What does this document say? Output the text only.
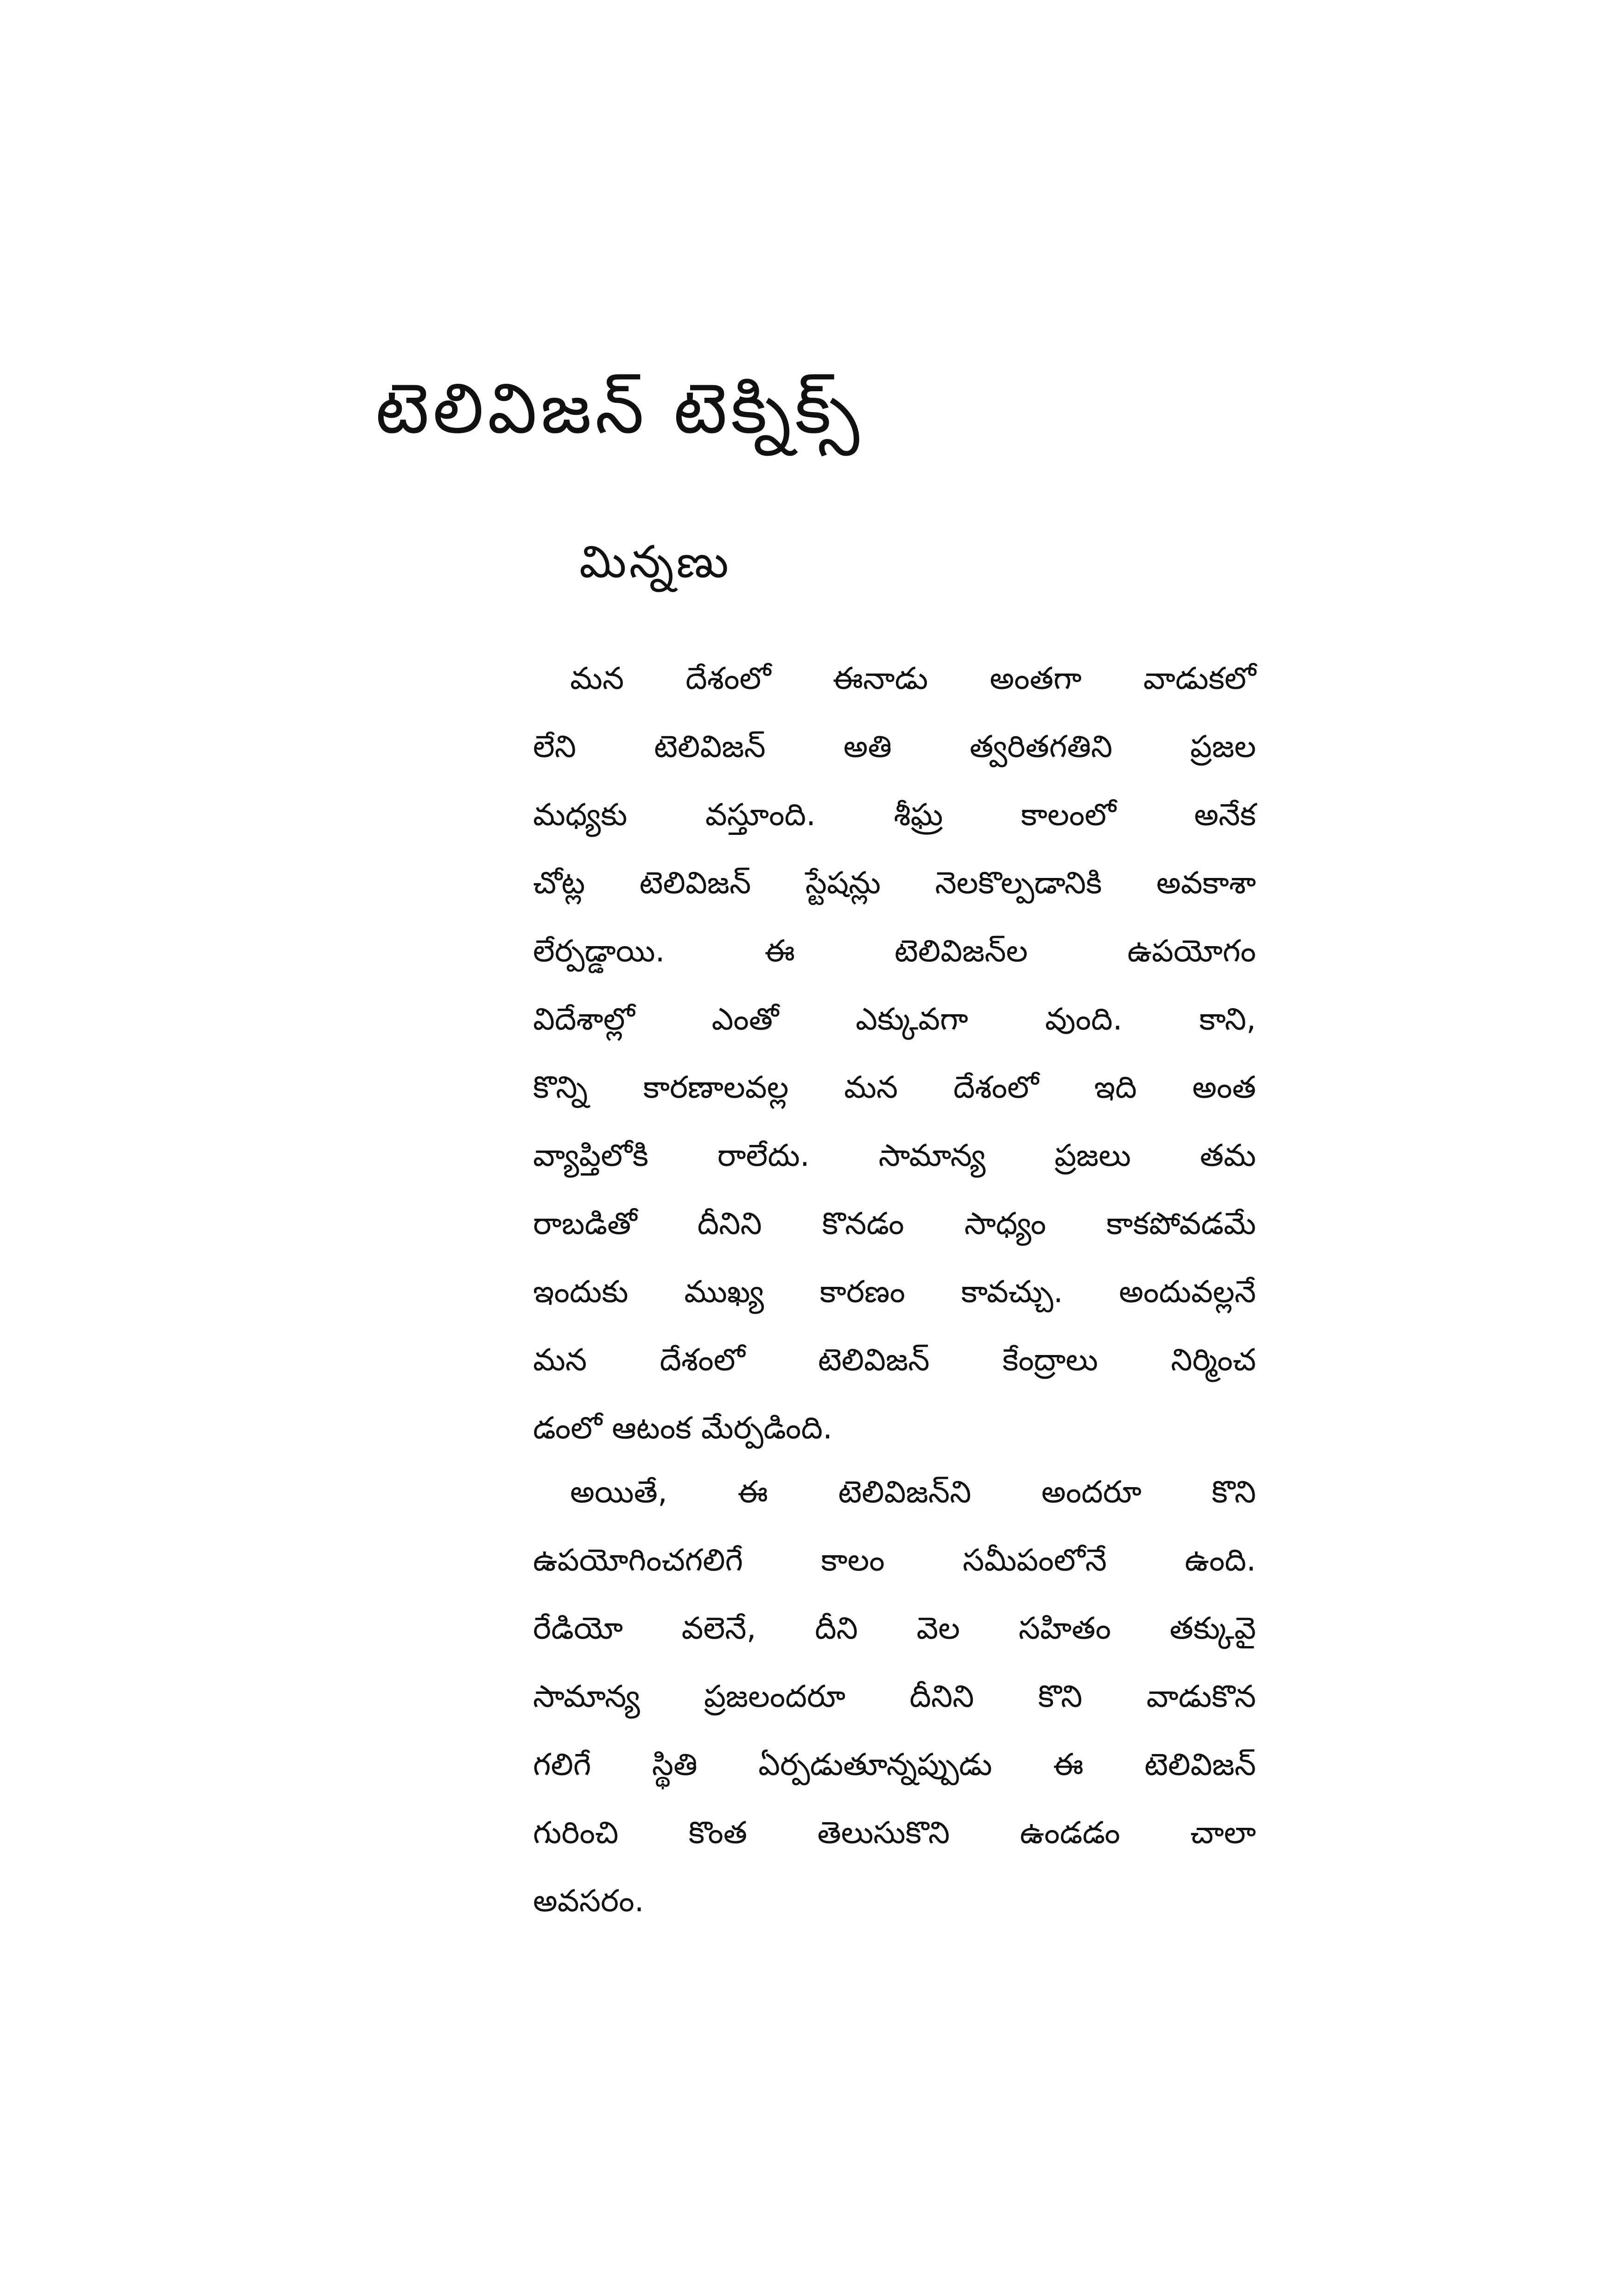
టెలివిజన్ టెక్నిక్స్
మిన్నణు
మన దేశంలో ఈనాడు అంతగా వాడుకలో
లేని టెలివిజన్ అతి త్వరితగతిని ప్రజల
మధ్యకు వస్తూంది. శీఘ్ర కాలంలో అనేక
చోట్ల టెలివిజన్ స్టేషన్లు నెలకొల్పడానికి అవకాశా
లేర్పడ్డాయి. ఈ టెలివిజన్‌ల ఉపయోగం
విదేశాల్లో ఎంతో ఎక్కువగా వుంది. కాని,
కొన్ని కారణాలవల్ల మన దేశంలో ఇది అంత
వ్యాప్తిలోకి రాలేదు. సామాన్య ప్రజలు తమ
రాబడితో దీనిని కొనడం సాధ్యం కాకపోవడమే
ఇందుకు ముఖ్య కారణం కావచ్చు. అందువల్లనే
మన దేశంలో టెలివిజన్ కేంద్రాలు నిర్మించ
డంలో ఆటంక మేర్పడింది.
అయితే, ఈ టెలివిజన్‌ని అందరూ కొని
ఉపయోగించగలిగే కాలం సమీపంలోనే ఉంది.
రేడియో వలెనే, దీని వెల సహితం తక్కువై
సామాన్య ప్రజలందరూ దీనిని కొని వాడుకొన
గలిగే స్థితి ఏర్పడుతూన్నప్పుడు ఈ టెలివిజన్
గురించి కొంత తెలుసుకొని ఉండడం చాలా
అవసరం.
